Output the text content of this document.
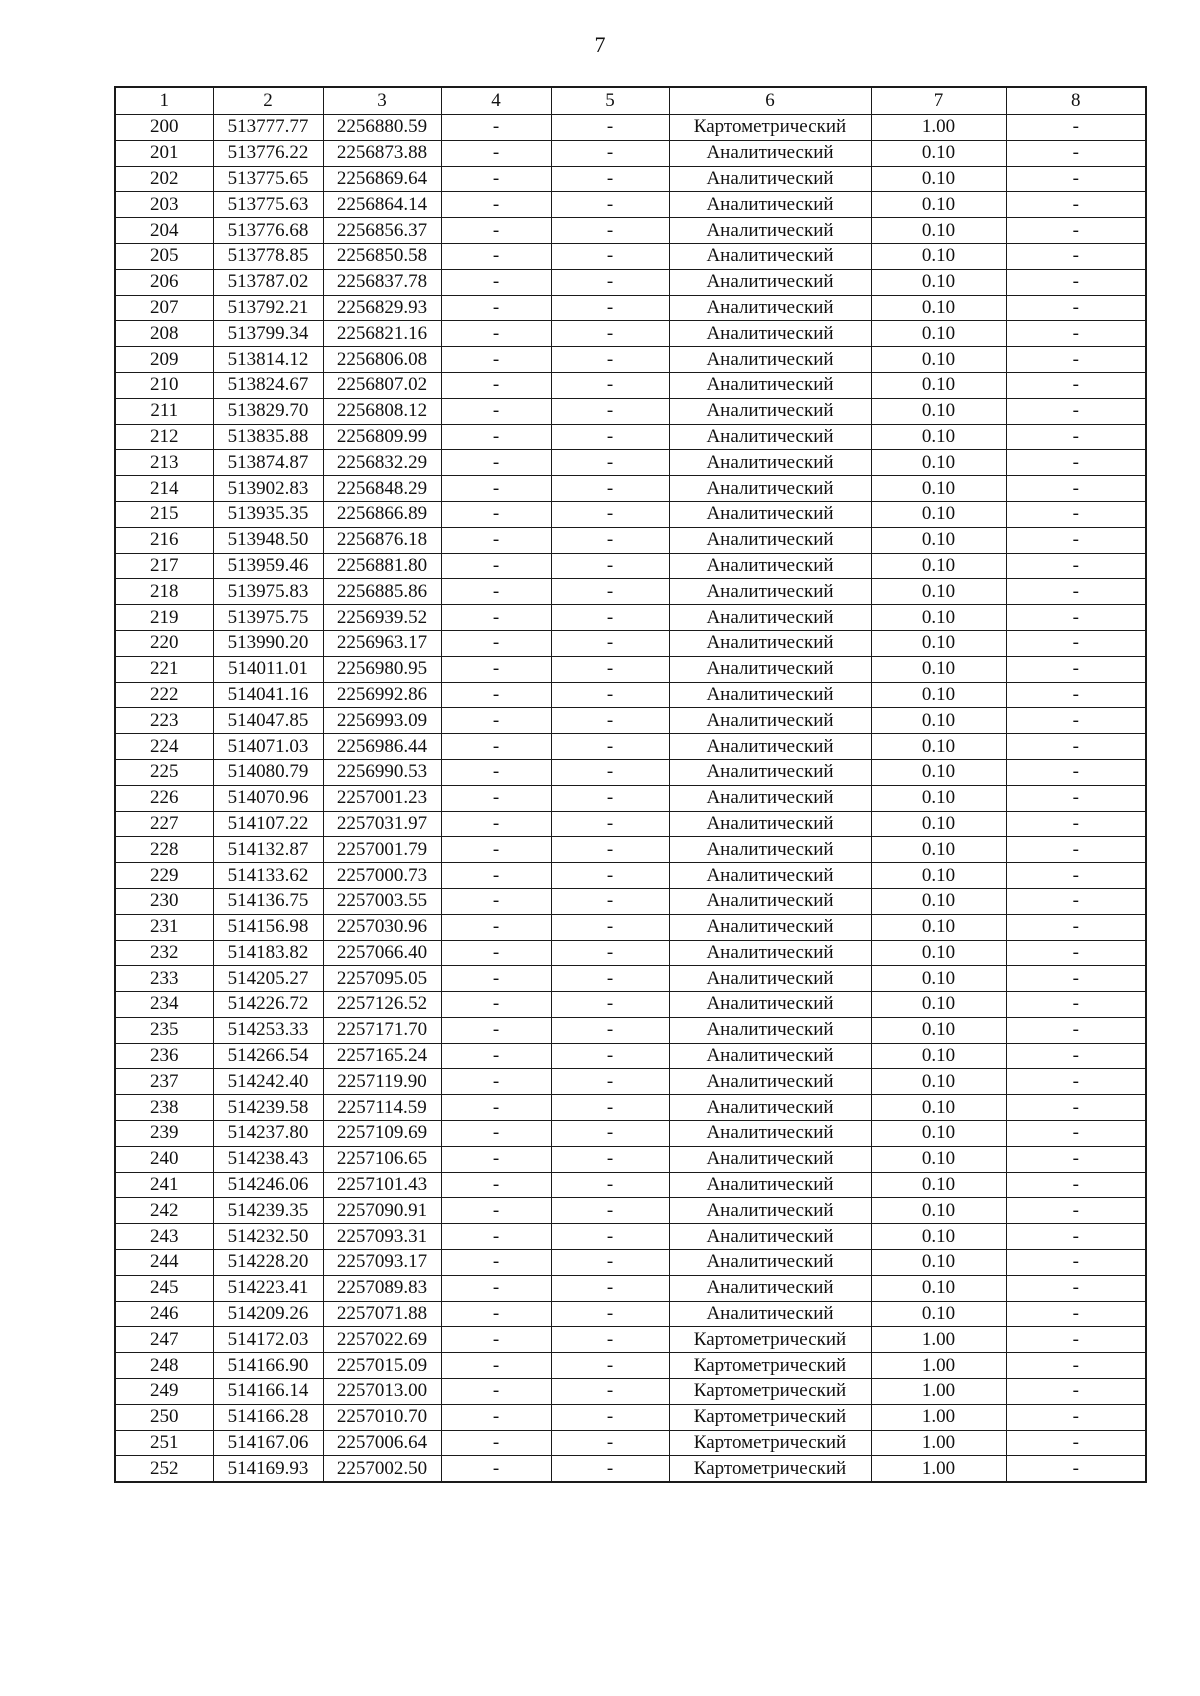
7
1	2	3	4	5	6	7	8
200	513777.77	2256880.59	-	-	Картометрический	1.00	-
201	513776.22	2256873.88	-	-	Аналитический	0.10	-
202	513775.65	2256869.64	-	-	Аналитический	0.10	-
203	513775.63	2256864.14	-	-	Аналитический	0.10	-
204	513776.68	2256856.37	-	-	Аналитический	0.10	-
205	513778.85	2256850.58	-	-	Аналитический	0.10	-
206	513787.02	2256837.78	-	-	Аналитический	0.10	-
207	513792.21	2256829.93	-	-	Аналитический	0.10	-
208	513799.34	2256821.16	-	-	Аналитический	0.10	-
209	513814.12	2256806.08	-	-	Аналитический	0.10	-
210	513824.67	2256807.02	-	-	Аналитический	0.10	-
211	513829.70	2256808.12	-	-	Аналитический	0.10	-
212	513835.88	2256809.99	-	-	Аналитический	0.10	-
213	513874.87	2256832.29	-	-	Аналитический	0.10	-
214	513902.83	2256848.29	-	-	Аналитический	0.10	-
215	513935.35	2256866.89	-	-	Аналитический	0.10	-
216	513948.50	2256876.18	-	-	Аналитический	0.10	-
217	513959.46	2256881.80	-	-	Аналитический	0.10	-
218	513975.83	2256885.86	-	-	Аналитический	0.10	-
219	513975.75	2256939.52	-	-	Аналитический	0.10	-
220	513990.20	2256963.17	-	-	Аналитический	0.10	-
221	514011.01	2256980.95	-	-	Аналитический	0.10	-
222	514041.16	2256992.86	-	-	Аналитический	0.10	-
223	514047.85	2256993.09	-	-	Аналитический	0.10	-
224	514071.03	2256986.44	-	-	Аналитический	0.10	-
225	514080.79	2256990.53	-	-	Аналитический	0.10	-
226	514070.96	2257001.23	-	-	Аналитический	0.10	-
227	514107.22	2257031.97	-	-	Аналитический	0.10	-
228	514132.87	2257001.79	-	-	Аналитический	0.10	-
229	514133.62	2257000.73	-	-	Аналитический	0.10	-
230	514136.75	2257003.55	-	-	Аналитический	0.10	-
231	514156.98	2257030.96	-	-	Аналитический	0.10	-
232	514183.82	2257066.40	-	-	Аналитический	0.10	-
233	514205.27	2257095.05	-	-	Аналитический	0.10	-
234	514226.72	2257126.52	-	-	Аналитический	0.10	-
235	514253.33	2257171.70	-	-	Аналитический	0.10	-
236	514266.54	2257165.24	-	-	Аналитический	0.10	-
237	514242.40	2257119.90	-	-	Аналитический	0.10	-
238	514239.58	2257114.59	-	-	Аналитический	0.10	-
239	514237.80	2257109.69	-	-	Аналитический	0.10	-
240	514238.43	2257106.65	-	-	Аналитический	0.10	-
241	514246.06	2257101.43	-	-	Аналитический	0.10	-
242	514239.35	2257090.91	-	-	Аналитический	0.10	-
243	514232.50	2257093.31	-	-	Аналитический	0.10	-
244	514228.20	2257093.17	-	-	Аналитический	0.10	-
245	514223.41	2257089.83	-	-	Аналитический	0.10	-
246	514209.26	2257071.88	-	-	Аналитический	0.10	-
247	514172.03	2257022.69	-	-	Картометрический	1.00	-
248	514166.90	2257015.09	-	-	Картометрический	1.00	-
249	514166.14	2257013.00	-	-	Картометрический	1.00	-
250	514166.28	2257010.70	-	-	Картометрический	1.00	-
251	514167.06	2257006.64	-	-	Картометрический	1.00	-
252	514169.93	2257002.50	-	-	Картометрический	1.00	-
